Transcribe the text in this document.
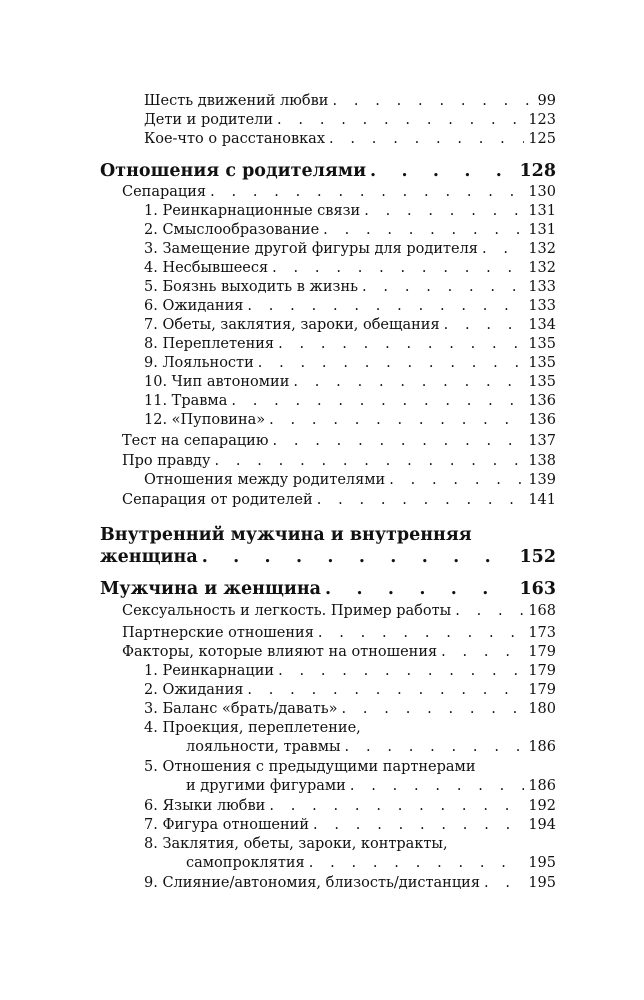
Шесть движений любви . . .	99
Дети и родители . . .	123
Кое-что о расстановках . . .	125
Отношения с родителями . . .	128
Сепарация . . .	130
1. Реинкарнационные связи . . .	131
2. Смыслообразование . . .	131
3. Замещение другой фигуры для родителя . . .	132
4. Несбывшееся . . .	132
5. Боязнь выходить в жизнь . . .	133
6. Ожидания . . .	133
7. Обеты, заклятия, зароки, обещания . . .	134
8. Переплетения . . .	135
9. Лояльности . . .	135
10. Чип автономии . . .	135
11. Травма . . .	136
12. «Пуповина» . . .	136
Тест на сепарацию . . .	137
Про правду . . .	138
Отношения между родителями . . .	139
Сепарация от родителей . . .	141
Внутренний мужчина и внутренняя
женщина . . .	152
Мужчина и женщина . . .	163
Сексуальность и легкость. Пример работы . . .	168
Партнерские отношения . . .	173
Факторы, которые влияют на отношения . . .	179
1. Реинкарнации . . .	179
2. Ожидания . . .	179
3. Баланс «брать/давать» . . .	180
4. Проекция, переплетение,
лояльности, травмы . . .	186
5. Отношения с предыдущими партнерами
и другими фигурами . . .	186
6. Языки любви . . .	192
7. Фигура отношений . . .	194
8. Заклятия, обеты, зароки, контракты,
самопроклятия . . .	195
9. Слияние/автономия, близость/дистанция . . .	195
